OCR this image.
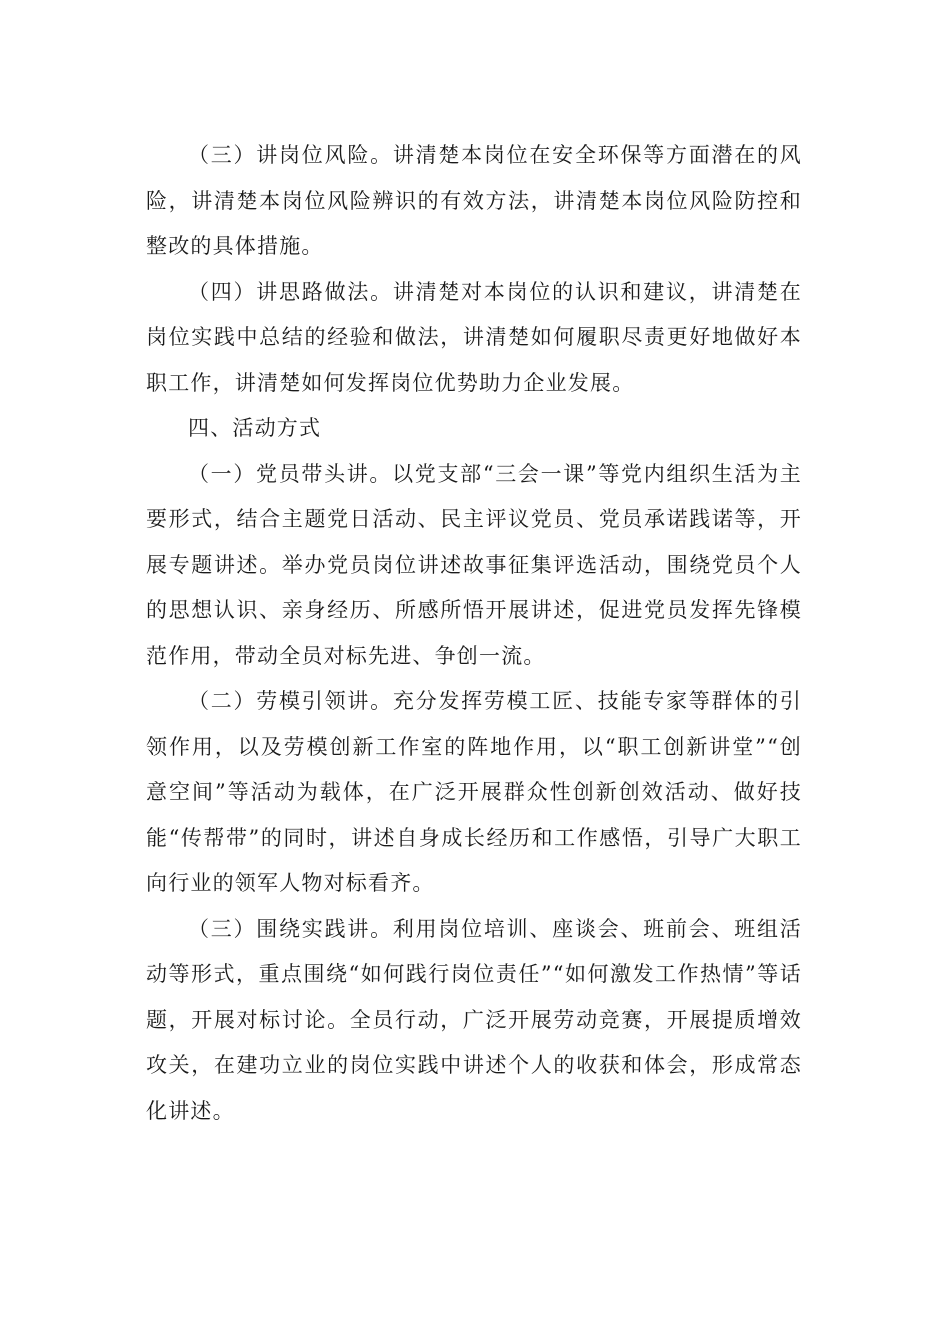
（三）讲岗位风险。讲清楚本岗位在安全环保等方面潜在的风险，讲清楚本岗位风险辨识的有效方法，讲清楚本岗位风险防控和整改的具体措施。

（四）讲思路做法。讲清楚对本岗位的认识和建议，讲清楚在岗位实践中总结的经验和做法，讲清楚如何履职尽责更好地做好本职工作，讲清楚如何发挥岗位优势助力企业发展。

四、活动方式

（一）党员带头讲。以党支部“三会一课”等党内组织生活为主要形式，结合主题党日活动、民主评议党员、党员承诺践诺等，开展专题讲述。举办党员岗位讲述故事征集评选活动，围绕党员个人的思想认识、亲身经历、所感所悟开展讲述，促进党员发挥先锋模范作用，带动全员对标先进、争创一流。

（二）劳模引领讲。充分发挥劳模工匠、技能专家等群体的引领作用，以及劳模创新工作室的阵地作用，以“职工创新讲堂”“创意空间”等活动为载体，在广泛开展群众性创新创效活动、做好技能“传帮带”的同时，讲述自身成长经历和工作感悟，引导广大职工向行业的领军人物对标看齐。

（三）围绕实践讲。利用岗位培训、座谈会、班前会、班组活动等形式，重点围绕“如何践行岗位责任”“如何激发工作热情”等话题，开展对标讨论。全员行动，广泛开展劳动竞赛，开展提质增效攻关，在建功立业的岗位实践中讲述个人的收获和体会，形成常态化讲述。
